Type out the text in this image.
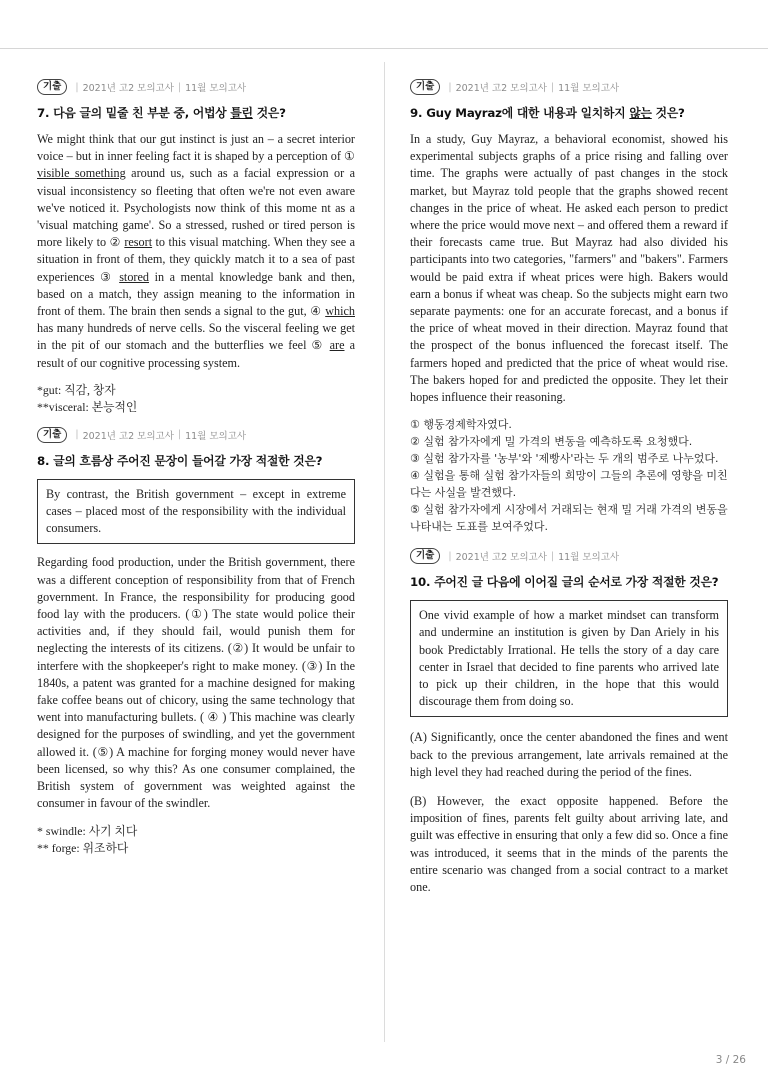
기출	| 2021년 고2 모의고사 | 11월 모의고사
7. 다음 글의 밑줄 친 부분 중, 어법상 틀린 것은?

We might think that our gut instinct is just an – a secret interior voice – but in inner feeling fact it is shaped by a perception of ① visible something around us, such as a facial expression or a visual inconsistency so fleeting that often we're not even aware we've noticed it. Psychologists now think of this mome nt as a 'visual matching game'. So a stressed, rushed or tired person is more likely to ② resort to this visual matching. When they see a situation in front of them, they quickly match it to a sea of past experiences ③ stored in a mental knowledge bank and then, based on a match, they assign meaning to the information in front of them. The brain then sends a signal to the gut, ④ which has many hundreds of nerve cells. So the visceral feeling we get in the pit of our stomach and the butterflies we feel ⑤ are a result of our cognitive processing system.

*gut: 직감, 창자

**visceral: 본능적인

기출	| 2021년 고2 모의고사 | 11월 모의고사
8. 글의 흐름상 주어진 문장이 들어갈 가장 적절한 것은?
By contrast, the British government – except in extreme cases – placed most of the responsibility with the individual consumers.

Regarding food production, under the British government, there was a different conception of responsibility from that of French government. In France, the responsibility for producing good food lay with the producers. (①) The state would police their activities and, if they should fail, would punish them for neglecting the interests of its citizens. (②) It would be unfair to interfere with the shopkeeper's right to make money. (③) In the 1840s, a patent was granted for a machine designed for making fake coffee beans out of chicory, using the same technology that went into manufacturing bullets. ( ④ ) This machine was clearly designed for the purposes of swindling, and yet the government allowed it. (⑤) A machine for forging money would never have been licensed, so why this? As one consumer complained, the British system of government was weighted against the consumer in favour of the swindler.

* swindle: 사기 치다

** forge: 위조하다

기출	| 2021년 고2 모의고사 | 11월 모의고사
9. Guy Mayraz에 대한 내용과 일치하지 않는 것은?

In a study, Guy Mayraz, a behavioral economist, showed his experimental subjects graphs of a price rising and falling over time. The graphs were actually of past changes in the stock market, but Mayraz told people that the graphs showed recent changes in the price of wheat. He asked each person to predict where the price would move next – and offered them a reward if their forecasts came true. But Mayraz had also divided his participants into two categories, "farmers" and "bakers". Farmers would be paid extra if wheat prices were high. Bakers would earn a bonus if wheat was cheap. So the subjects might earn two separate payments: one for an accurate forecast, and a bonus if the price of wheat moved in their direction. Mayraz found that the prospect of the bonus influenced the forecast itself. The farmers hoped and predicted that the price of wheat would rise. The bakers hoped for and predicted the opposite. They let their hopes influence their reasoning.

① 행동경제학자였다.

② 실험 참가자에게 밀 가격의 변동을 예측하도록 요청했다.

③ 실험 참가자를 '농부'와 '제빵사'라는 두 개의 범주로 나누었다.

④ 실험을 통해 실험 참가자들의 희망이 그들의 추론에 영향을 미친다는 사실을 발견했다.

⑤ 실험 참가자에게 시장에서 거래되는 현재 밀 거래 가격의 변동을 나타내는 도표를 보여주었다.

기출	| 2021년 고2 모의고사 | 11월 모의고사
10. 주어진 글 다음에 이어질 글의 순서로 가장 적절한 것은?
One vivid example of how a market mindset can transform and undermine an institution is given by Dan Ariely in his book Predictably Irrational. He tells the story of a day care center in Israel that decided to fine parents who arrived late to pick up their children, in the hope that this would discourage them from doing so.

(A) Significantly, once the center abandoned the fines and went back to the previous arrangement, late arrivals remained at the high level they had reached during the period of the fines.

(B) However, the exact opposite happened. Before the imposition of fines, parents felt guilty about arriving late, and guilt was effective in ensuring that only a few did so. Once a fine was introduced, it seems that in the minds of the parents the entire scenario was changed from a social contract to a market one.

3 / 26
